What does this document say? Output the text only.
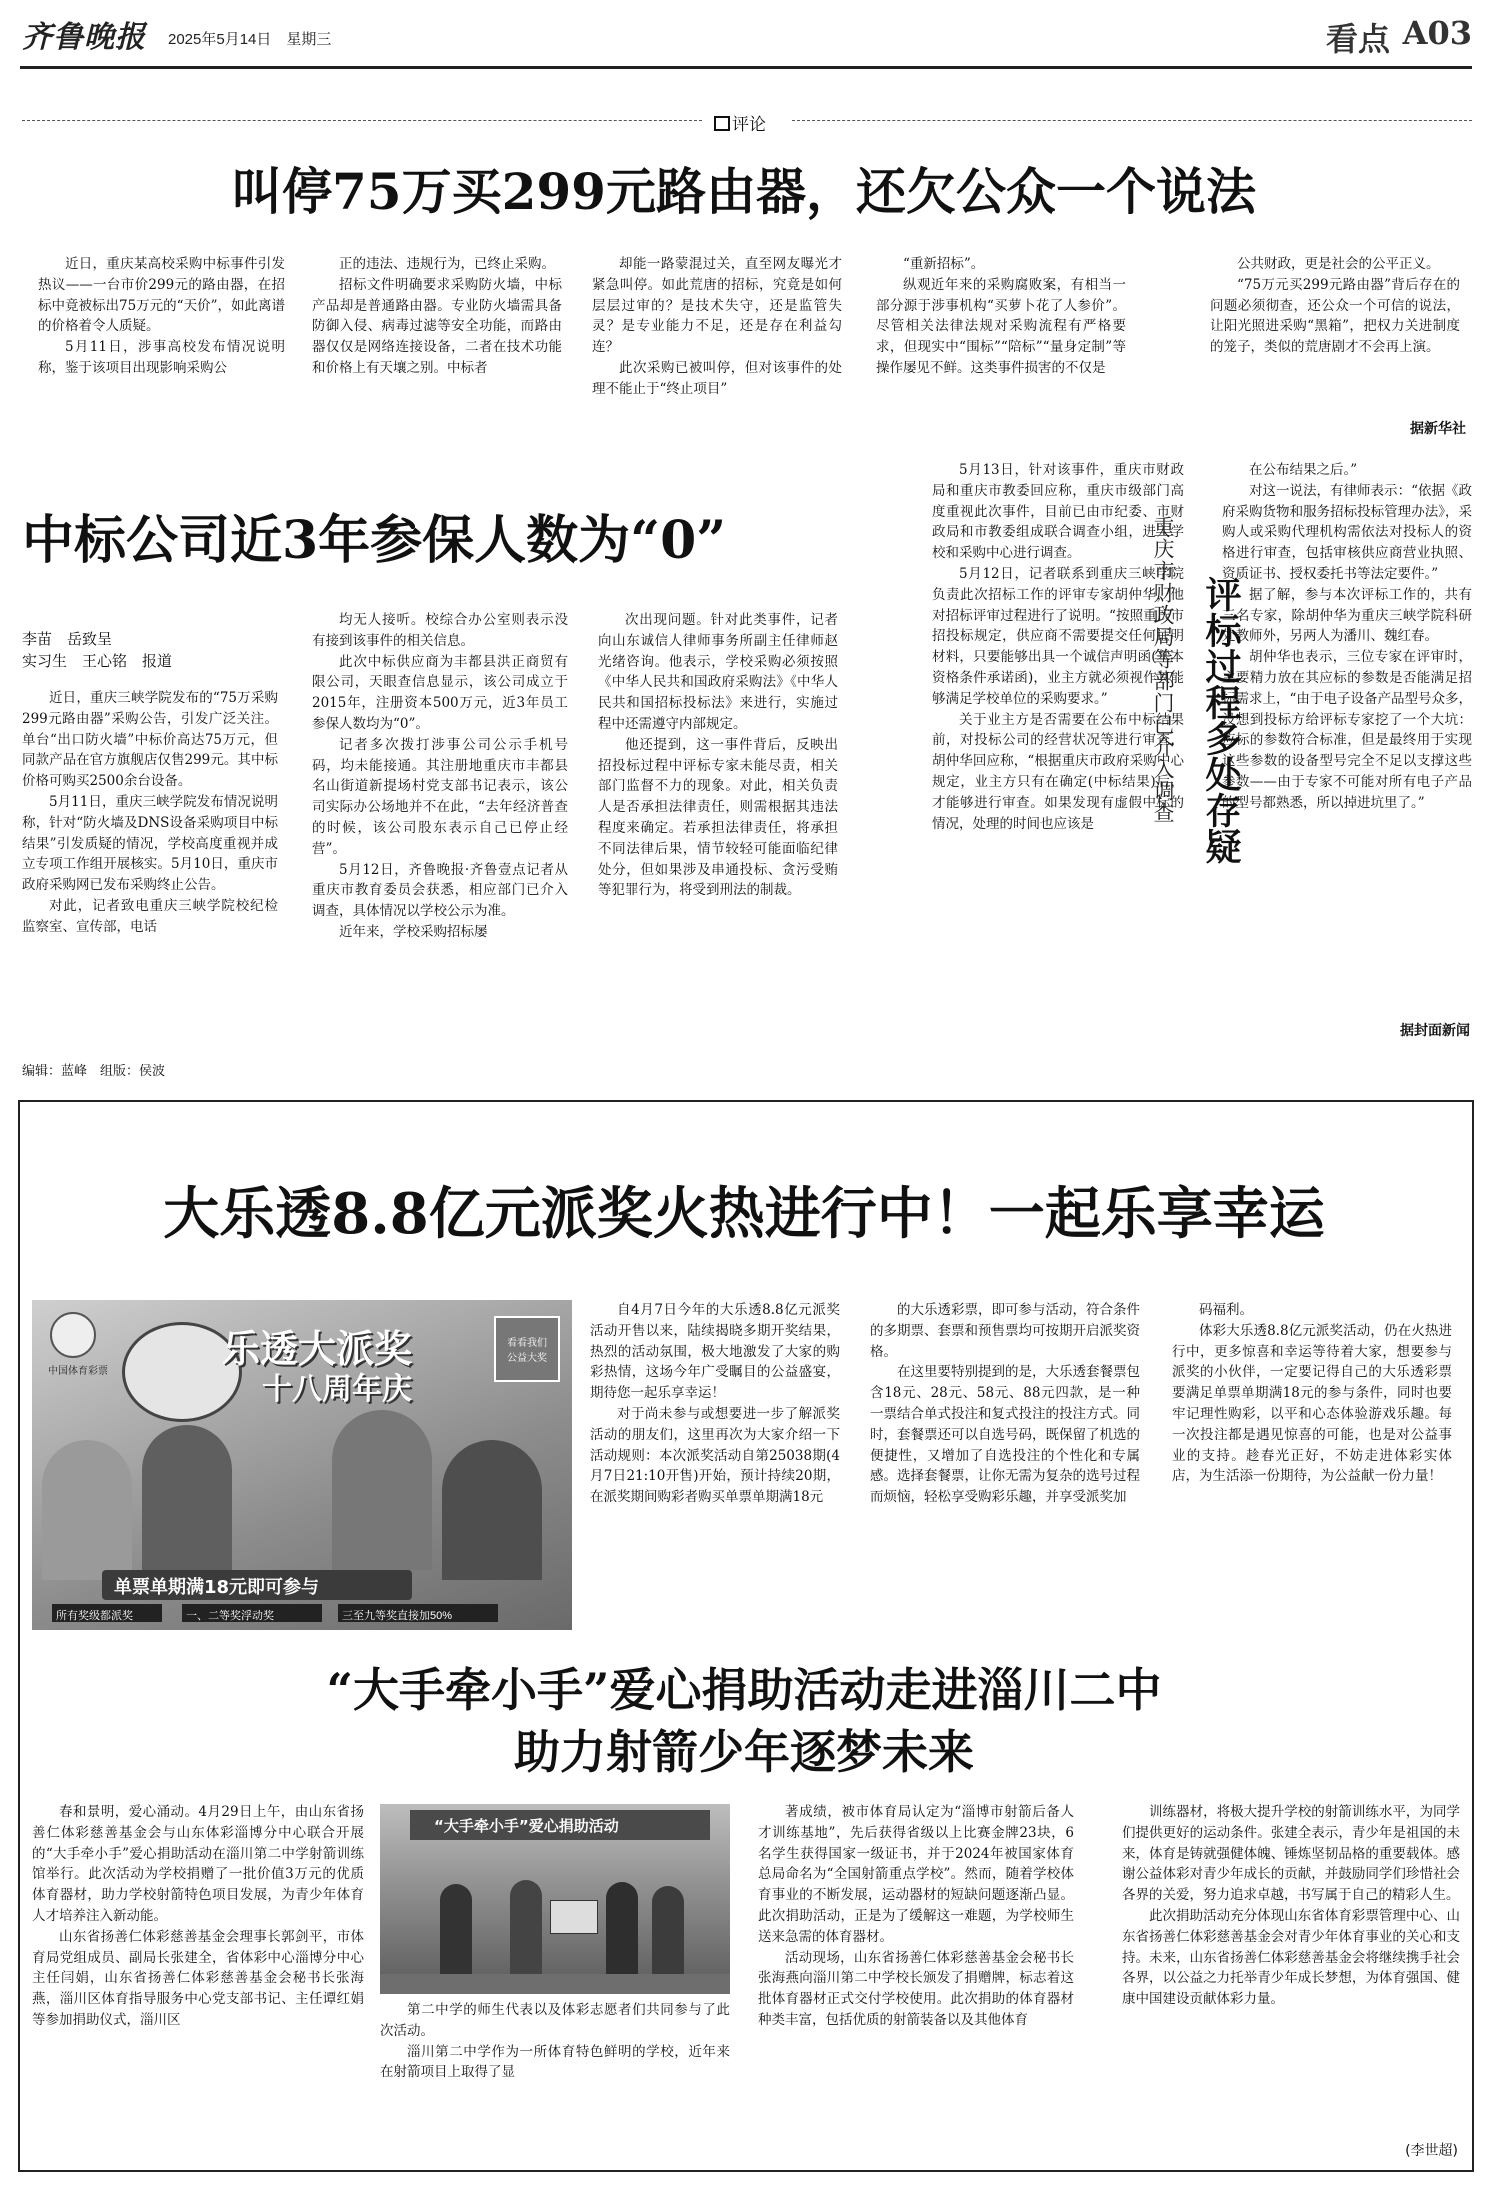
齐鲁晚报	2025年5月14日　星期三	看点 A03
评论
叫停75万买299元路由器，还欠公众一个说法

近日，重庆某高校采购中标事件引发热议——一台市价299元的路由器，在招标中竟被标出75万元的“天价”，如此离谱的价格着令人质疑。

5月11日，涉事高校发布情况说明称，鉴于该项目出现影响采购公

正的违法、违规行为，已终止采购。

招标文件明确要求采购防火墙，中标产品却是普通路由器。专业防火墙需具备防御入侵、病毒过滤等安全功能，而路由器仅仅是网络连接设备，二者在技术功能和价格上有天壤之别。中标者

却能一路蒙混过关，直至网友曝光才紧急叫停。如此荒唐的招标，究竟是如何层层过审的？是技术失守，还是监管失灵？是专业能力不足，还是存在利益勾连？

此次采购已被叫停，但对该事件的处理不能止于“终止项目”

“重新招标”。

纵观近年来的采购腐败案，有相当一部分源于涉事机构“买萝卜花了人参价”。尽管相关法律法规对采购流程有严格要求，但现实中“围标”“陪标”“量身定制”等操作屡见不鲜。这类事件损害的不仅是

公共财政，更是社会的公平正义。

“75万元买299元路由器”背后存在的问题必须彻查，还公众一个可信的说法，让阳光照进采购“黑箱”，把权力关进制度的笼子，类似的荒唐剧才不会再上演。

据新华社
中标公司近3年参保人数为“0”
李苗　岳致呈
实习生　王心铭　报道

近日，重庆三峡学院发布的“75万采购299元路由器”采购公告，引发广泛关注。单台“出口防火墙”中标价高达75万元，但同款产品在官方旗舰店仅售299元。其中标价格可购买2500余台设备。

5月11日，重庆三峡学院发布情况说明称，针对“防火墙及DNS设备采购项目中标结果”引发质疑的情况，学校高度重视并成立专项工作组开展核实。5月10日，重庆市政府采购网已发布采购终止公告。

对此，记者致电重庆三峡学院校纪检监察室、宣传部，电话

均无人接听。校综合办公室则表示没有接到该事件的相关信息。

此次中标供应商为丰都县洪正商贸有限公司，天眼查信息显示，该公司成立于2015年，注册资本500万元，近3年员工参保人数均为“0”。

记者多次拨打涉事公司公示手机号码，均未能接通。其注册地重庆市丰都县名山街道新提场村党支部书记表示，该公司实际办公场地并不在此，“去年经济普查的时候，该公司股东表示自己已停止经营”。

5月12日，齐鲁晚报·齐鲁壹点记者从重庆市教育委员会获悉，相应部门已介入调查，具体情况以学校公示为准。

近年来，学校采购招标屡

次出现问题。针对此类事件，记者向山东诚信人律师事务所副主任律师赵光绪咨询。他表示，学校采购必须按照《中华人民共和国政府采购法》《中华人民共和国招标投标法》来进行，实施过程中还需遵守内部规定。

他还提到，这一事件背后，反映出招投标过程中评标专家未能尽责，相关部门监督不力的现象。对此，相关负责人是否承担法律责任，则需根据其违法程度来确定。若承担法律责任，将承担不同法律后果，情节较轻可能面临纪律处分，但如果涉及串通投标、贪污受贿等犯罪行为，将受到刑法的制裁。

5月13日，针对该事件，重庆市财政局和重庆市教委回应称，重庆市级部门高度重视此次事件，目前已由市纪委、市财政局和市教委组成联合调查小组，进入学校和采购中心进行调查。

5月12日，记者联系到重庆三峡学院负责此次招标工作的评审专家胡仲华，他对招标评审过程进行了说明。“按照重庆市招投标规定，供应商不需要提交任何证明材料，只要能够出具一个诚信声明函(基本资格条件承诺函)，业主方就必须视作其能够满足学校单位的采购要求。”

关于业主方是否需要在公布中标结果前，对投标公司的经营状况等进行审查，胡仲华回应称，“根据重庆市政府采购中心规定，业主方只有在确定(中标结果)后，才能够进行审查。如果发现有虚假中标的情况，处理的时间也应该是	重庆市财政局等部门已介入调查 评标过程多处存疑

在公布结果之后。”

对这一说法，有律师表示：“依据《政府采购货物和服务招标投标管理办法》，采购人或采购代理机构需依法对投标人的资格进行审查，包括审核供应商营业执照、资质证书、授权委托书等法定要件。”

据了解，参与本次评标工作的，共有三名专家，除胡仲华为重庆三峡学院科研处教师外，另两人为潘川、魏红春。

胡仲华也表示，三位专家在评审时，主要精力放在其应标的参数是否能满足招标需求上，“由于电子设备产品型号众多，没想到投标方给评标专家挖了一个大坑：应标的参数符合标准，但是最终用于实现这些参数的设备型号完全不足以支撑这些参数——由于专家不可能对所有电子产品的型号都熟悉，所以掉进坑里了。”

据封面新闻
编辑：蓝峰　组版：侯波
大乐透8.8亿元派奖火热进行中！一起乐享幸运
中国体育彩票
乐透大派奖
十八周年庆
看看我们
公益大奖
单票单期满18元即可参与
所有奖级都派奖	一、二等奖浮动奖	三至九等奖直接加50%

自4月7日今年的大乐透8.8亿元派奖活动开售以来，陆续揭晓多期开奖结果，热烈的活动氛围，极大地激发了大家的购彩热情，这场今年广受瞩目的公益盛宴，期待您一起乐享幸运！

对于尚未参与或想要进一步了解派奖活动的朋友们，这里再次为大家介绍一下活动规则：本次派奖活动自第25038期(4月7日21:10开售)开始，预计持续20期，在派奖期间购彩者购买单票单期满18元

的大乐透彩票，即可参与活动，符合条件的多期票、套票和预售票均可按期开启派奖资格。

在这里要特别提到的是，大乐透套餐票包含18元、28元、58元、88元四款，是一种一票结合单式投注和复式投注的投注方式。同时，套餐票还可以自选号码，既保留了机选的便捷性，又增加了自选投注的个性化和专属感。选择套餐票，让你无需为复杂的选号过程而烦恼，轻松享受购彩乐趣，并享受派奖加

码福利。

体彩大乐透8.8亿元派奖活动，仍在火热进行中，更多惊喜和幸运等待着大家，想要参与派奖的小伙伴，一定要记得自己的大乐透彩票要满足单票单期满18元的参与条件，同时也要牢记理性购彩，以平和心态体验游戏乐趣。每一次投注都是遇见惊喜的可能，也是对公益事业的支持。趁春光正好，不妨走进体彩实体店，为生活添一份期待，为公益献一份力量！

“大手牵小手”爱心捐助活动走进淄川二中
助力射箭少年逐梦未来

春和景明，爱心涌动。4月29日上午，由山东省扬善仁体彩慈善基金会与山东体彩淄博分中心联合开展的“大手牵小手”爱心捐助活动在淄川第二中学射箭训练馆举行。此次活动为学校捐赠了一批价值3万元的优质体育器材，助力学校射箭特色项目发展，为青少年体育人才培养注入新动能。

山东省扬善仁体彩慈善基金会理事长郭剑平，市体育局党组成员、副局长张建全，省体彩中心淄博分中心主任闫娟，山东省扬善仁体彩慈善基金会秘书长张海燕，淄川区体育指导服务中心党支部书记、主任谭红娟等参加捐助仪式，淄川区

“大手牵小手”爱心捐助活动

第二中学的师生代表以及体彩志愿者们共同参与了此次活动。

淄川第二中学作为一所体育特色鲜明的学校，近年来在射箭项目上取得了显

著成绩，被市体育局认定为“淄博市射箭后备人才训练基地”，先后获得省级以上比赛金牌23块，6名学生获得国家一级证书，并于2024年被国家体育总局命名为“全国射箭重点学校”。然而，随着学校体育事业的不断发展，运动器材的短缺问题逐渐凸显。此次捐助活动，正是为了缓解这一难题，为学校师生送来急需的体育器材。

活动现场，山东省扬善仁体彩慈善基金会秘书长张海燕向淄川第二中学校长颁发了捐赠牌，标志着这批体育器材正式交付学校使用。此次捐助的体育器材种类丰富，包括优质的射箭装备以及其他体育

训练器材，将极大提升学校的射箭训练水平，为同学们提供更好的运动条件。张建全表示，青少年是祖国的未来，体育是铸就强健体魄、锤炼坚韧品格的重要载体。感谢公益体彩对青少年成长的贡献，并鼓励同学们珍惜社会各界的关爱，努力追求卓越，书写属于自己的精彩人生。

此次捐助活动充分体现山东省体育彩票管理中心、山东省扬善仁体彩慈善基金会对青少年体育事业的关心和支持。未来，山东省扬善仁体彩慈善基金会将继续携手社会各界，以公益之力托举青少年成长梦想，为体育强国、健康中国建设贡献体彩力量。

(李世超)
